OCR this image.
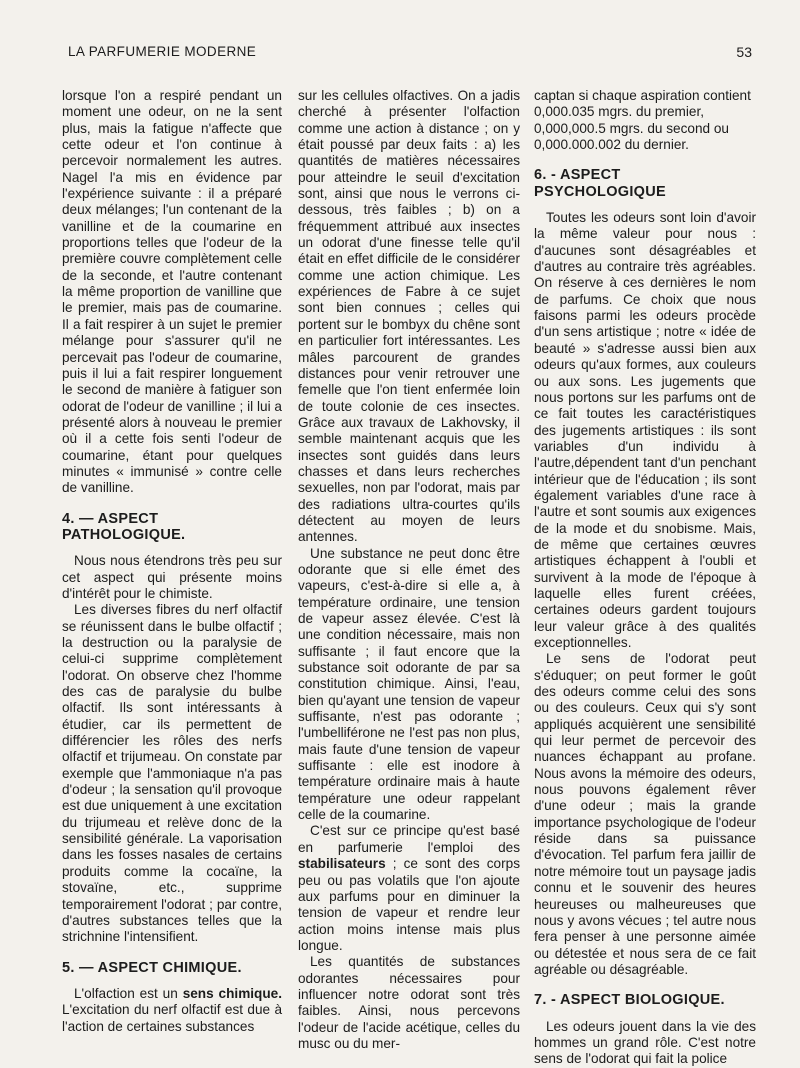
LA PARFUMERIE MODERNE	53

lorsque l'on a respiré pendant un moment une odeur, on ne la sent plus, mais la fatigue n'affecte que cette odeur et l'on continue à percevoir normalement les autres. Nagel l'a mis en évidence par l'expérience suivante : il a préparé deux mélanges; l'un contenant de la vanilline et de la coumarine en proportions telles que l'odeur de la première couvre complètement celle de la seconde, et l'autre contenant la même proportion de vanilline que le premier, mais pas de coumarine. Il a fait respirer à un sujet le premier mélange pour s'assurer qu'il ne percevait pas l'odeur de coumarine, puis il lui a fait respirer longuement le second de manière à fatiguer son odorat de l'odeur de vanilline ; il lui a présenté alors à nouveau le premier où il a cette fois senti l'odeur de coumarine, étant pour quelques minutes « immunisé » contre celle de vanilline.

4. — ASPECT PATHOLOGIQUE.

Nous nous étendrons très peu sur cet aspect qui présente moins d'intérêt pour le chimiste.

Les diverses fibres du nerf olfactif se réunissent dans le bulbe olfactif ; la destruction ou la paralysie de celui-ci supprime complètement l'odorat. On observe chez l'homme des cas de paralysie du bulbe olfactif. Ils sont intéressants à étudier, car ils permettent de différencier les rôles des nerfs olfactif et trijumeau. On constate par exemple que l'ammoniaque n'a pas d'odeur ; la sensation qu'il provoque est due uniquement à une excitation du trijumeau et relève donc de la sensibilité générale. La vaporisation dans les fosses nasales de certains produits comme la cocaïne, la stovaïne, etc., supprime temporairement l'odorat ; par contre, d'autres substances telles que la strichnine l'intensifient.

5. — ASPECT CHIMIQUE.

L'olfaction est un sens chimique. L'excitation du nerf olfactif est due à l'action de certaines substances

sur les cellules olfactives. On a jadis cherché à présenter l'olfaction comme une action à distance ; on y était poussé par deux faits : a) les quantités de matières nécessaires pour atteindre le seuil d'excitation sont, ainsi que nous le verrons ci-dessous, très faibles ; b) on a fréquemment attribué aux insectes un odorat d'une finesse telle qu'il était en effet difficile de le considérer comme une action chimique. Les expériences de Fabre à ce sujet sont bien connues ; celles qui portent sur le bombyx du chêne sont en particulier fort intéressantes. Les mâles parcourent de grandes distances pour venir retrouver une femelle que l'on tient enfermée loin de toute colonie de ces insectes. Grâce aux travaux de Lakhovsky, il semble maintenant acquis que les insectes sont guidés dans leurs chasses et dans leurs recherches sexuelles, non par l'odorat, mais par des radiations ultra-courtes qu'ils détectent au moyen de leurs antennes.

Une substance ne peut donc être odorante que si elle émet des vapeurs, c'est-à-dire si elle a, à température ordinaire, une tension de vapeur assez élevée. C'est là une condition nécessaire, mais non suffisante ; il faut encore que la substance soit odorante de par sa constitution chimique. Ainsi, l'eau, bien qu'ayant une tension de vapeur suffisante, n'est pas odorante ; l'umbelliférone ne l'est pas non plus, mais faute d'une tension de vapeur suffisante : elle est inodore à température ordinaire mais à haute température une odeur rappelant celle de la coumarine.

C'est sur ce principe qu'est basé en parfumerie l'emploi des stabilisateurs ; ce sont des corps peu ou pas volatils que l'on ajoute aux parfums pour en diminuer la tension de vapeur et rendre leur action moins intense mais plus longue.

Les quantités de substances odorantes nécessaires pour influencer notre odorat sont très faibles. Ainsi, nous percevons l'odeur de l'acide acétique, celles du musc ou du mer-

captan si chaque aspiration contient

0,000.035 mgrs. du premier,

0,000,000.5 mgrs. du second ou

0,000.000.002 du dernier.

6. - ASPECT PSYCHOLOGIQUE

Toutes les odeurs sont loin d'avoir la même valeur pour nous : d'aucunes sont désagréables et d'autres au contraire très agréables. On réserve à ces dernières le nom de parfums. Ce choix que nous faisons parmi les odeurs procède d'un sens artistique ; notre « idée de beauté » s'adresse aussi bien aux odeurs qu'aux formes, aux couleurs ou aux sons. Les jugements que nous portons sur les parfums ont de ce fait toutes les caractéristiques des jugements artistiques : ils sont variables d'un individu à l'autre,dépendent tant d'un penchant intérieur que de l'éducation ; ils sont également variables d'une race à l'autre et sont soumis aux exigences de la mode et du snobisme. Mais, de même que certaines œuvres artistiques échappent à l'oubli et survivent à la mode de l'époque à laquelle elles furent créées, certaines odeurs gardent toujours leur valeur grâce à des qualités exceptionnelles.

Le sens de l'odorat peut s'éduquer; on peut former le goût des odeurs comme celui des sons ou des couleurs. Ceux qui s'y sont appliqués acquièrent une sensibilité qui leur permet de percevoir des nuances échappant au profane. Nous avons la mémoire des odeurs, nous pouvons également rêver d'une odeur ; mais la grande importance psychologique de l'odeur réside dans sa puissance d'évocation. Tel parfum fera jaillir de notre mémoire tout un paysage jadis connu et le souvenir des heures heureuses ou malheureuses que nous y avons vécues ; tel autre nous fera penser à une personne aimée ou détestée et nous sera de ce fait agréable ou désagréable.

7. - ASPECT BIOLOGIQUE.

Les odeurs jouent dans la vie des hommes un grand rôle. C'est notre sens de l'odorat qui fait la police
